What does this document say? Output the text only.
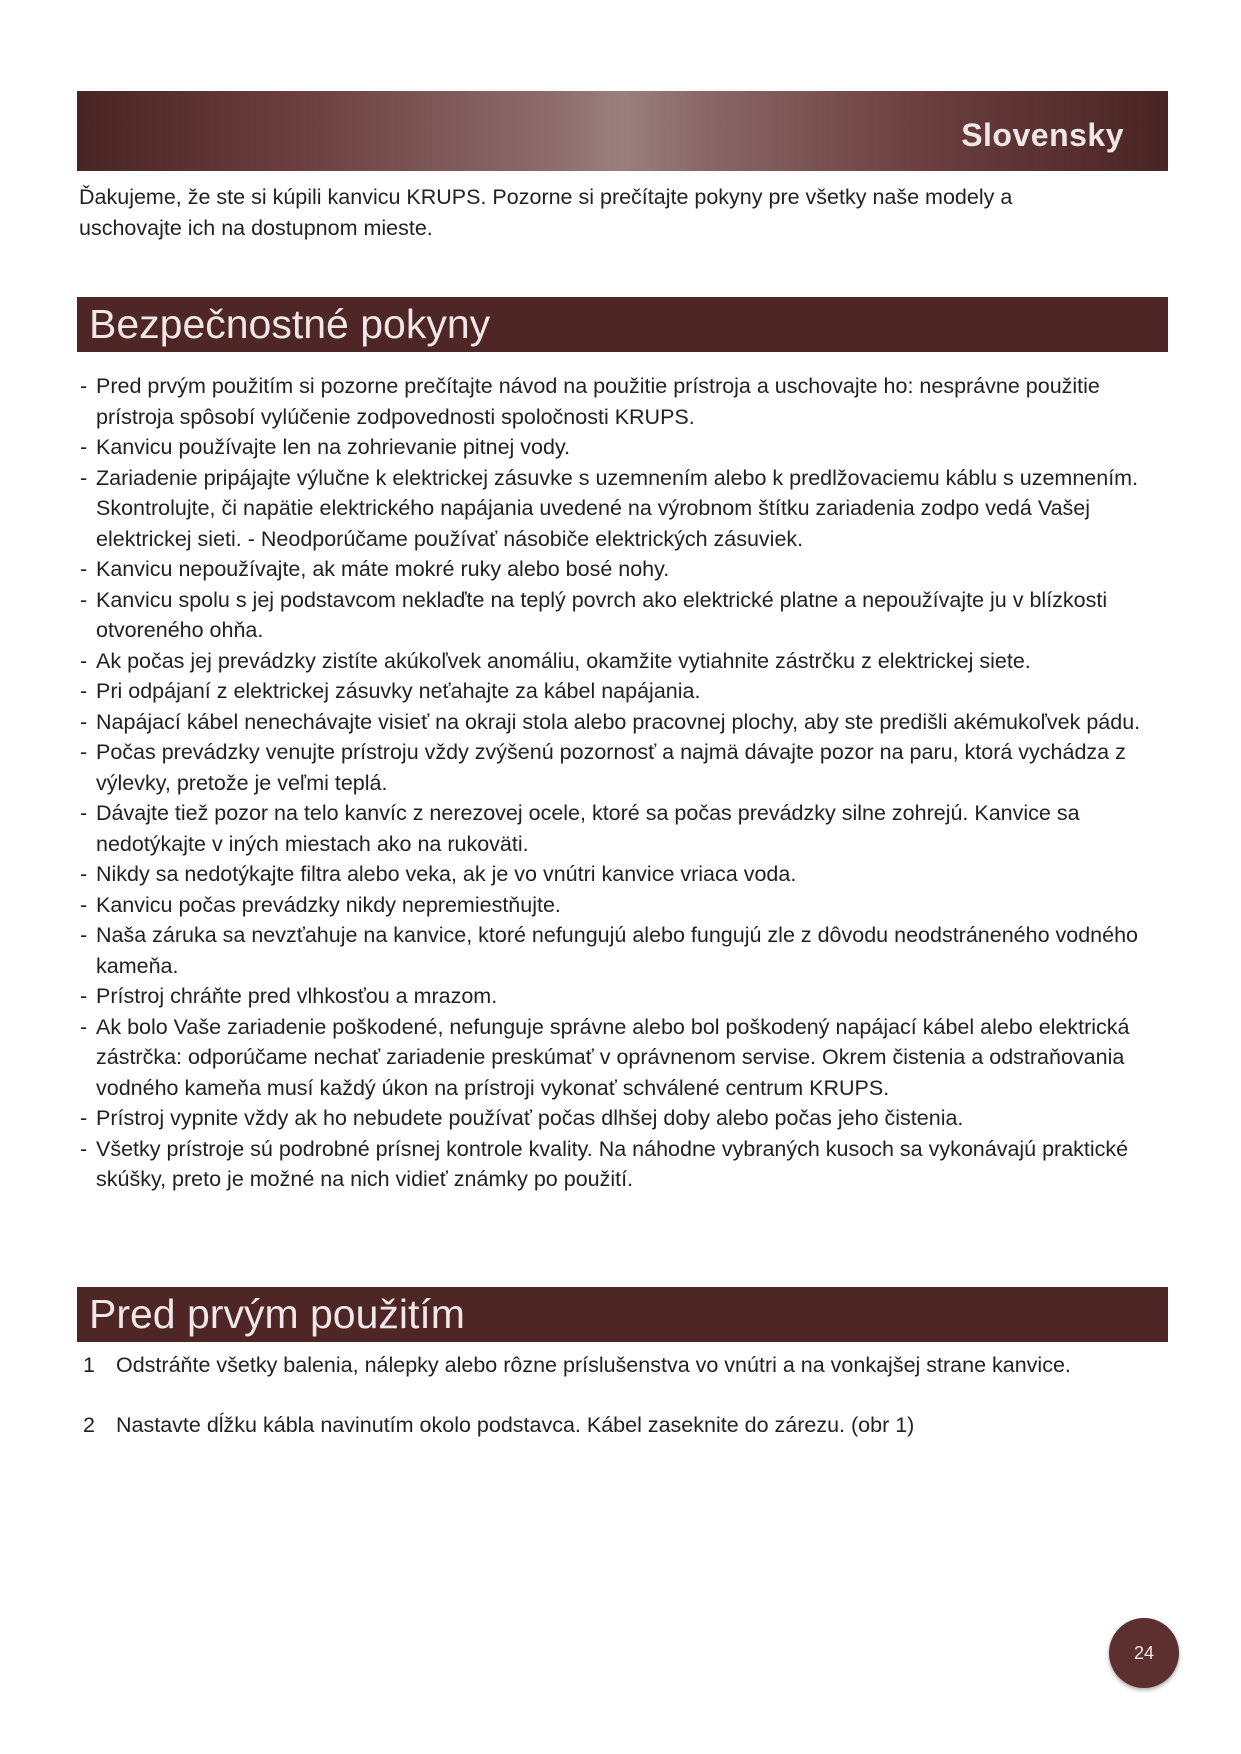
Slovensky

Ďakujeme, že ste si kúpili kanvicu KRUPS. Pozorne si prečítajte pokyny pre všetky naše modely a uschovajte ich na dostupnom mieste.

Bezpečnostné pokyny
- Pred prvým použitím si pozorne prečítajte návod na použitie prístroja a uschovajte ho: nesprávne použitie prístroja spôsobí vylúčenie zodpovednosti spoločnosti KRUPS.
- Kanvicu používajte len na zohrievanie pitnej vody.
- Zariadenie pripájajte výlučne k elektrickej zásuvke s uzemnením alebo k predlžovaciemu káblu s uzemnením. Skontrolujte, či napätie elektrického napájania uvedené na výrobnom štítku zariadenia zodpo vedá Vašej elektrickej sieti. - Neodporúčame používať násobiče elektrických zásuviek.
- Kanvicu nepoužívajte, ak máte mokré ruky alebo bosé nohy.
- Kanvicu spolu s jej podstavcom neklaďte na teplý povrch ako elektrické platne a nepoužívajte ju v blízkosti otvoreného ohňa.
- Ak počas jej prevádzky zistíte akúkoľvek anomáliu, okamžite vytiahnite zástrčku z elektrickej siete.
- Pri odpájaní z elektrickej zásuvky neťahajte za kábel napájania.
- Napájací kábel nenechávajte visieť na okraji stola alebo pracovnej plochy, aby ste predišli akémukoľvek pádu.
- Počas prevádzky venujte prístroju vždy zvýšenú pozornosť a najmä dávajte pozor na paru, ktorá vychádza z výlevky, pretože je veľmi teplá.
- Dávajte tiež pozor na telo kanvíc z nerezovej ocele, ktoré sa počas prevádzky silne zohrejú. Kanvice sa nedotýkajte v iných miestach ako na rukoväti.
- Nikdy sa nedotýkajte filtra alebo veka, ak je vo vnútri kanvice vriaca voda.
- Kanvicu počas prevádzky nikdy nepremiestňujte.
- Naša záruka sa nevzťahuje na kanvice, ktoré nefungujú alebo fungujú zle z dôvodu neodstráneného vodného kameňa.
- Prístroj chráňte pred vlhkosťou a mrazom.
- Ak bolo Vaše zariadenie poškodené, nefunguje správne alebo bol poškodený napájací kábel alebo elektrická zástrčka: odporúčame nechať zariadenie preskúmať v oprávnenom servise. Okrem čistenia a odstraňovania vodného kameňa musí každý úkon na prístroji vykonať schválené centrum KRUPS.
- Prístroj vypnite vždy ak ho nebudete používať počas dlhšej doby alebo počas jeho čistenia.
- Všetky prístroje sú podrobné prísnej kontrole kvality. Na náhodne vybraných kusoch sa vykonávajú praktické skúšky, preto je možné na nich vidieť známky po použití.
Pred prvým použitím
1 Odstráňte všetky balenia, nálepky alebo rôzne príslušenstva vo vnútri a na vonkajšej strane kanvice.
2 Nastavte dĺžku kábla navinutím okolo podstavca. Kábel zaseknite do zárezu. (obr 1)
24
